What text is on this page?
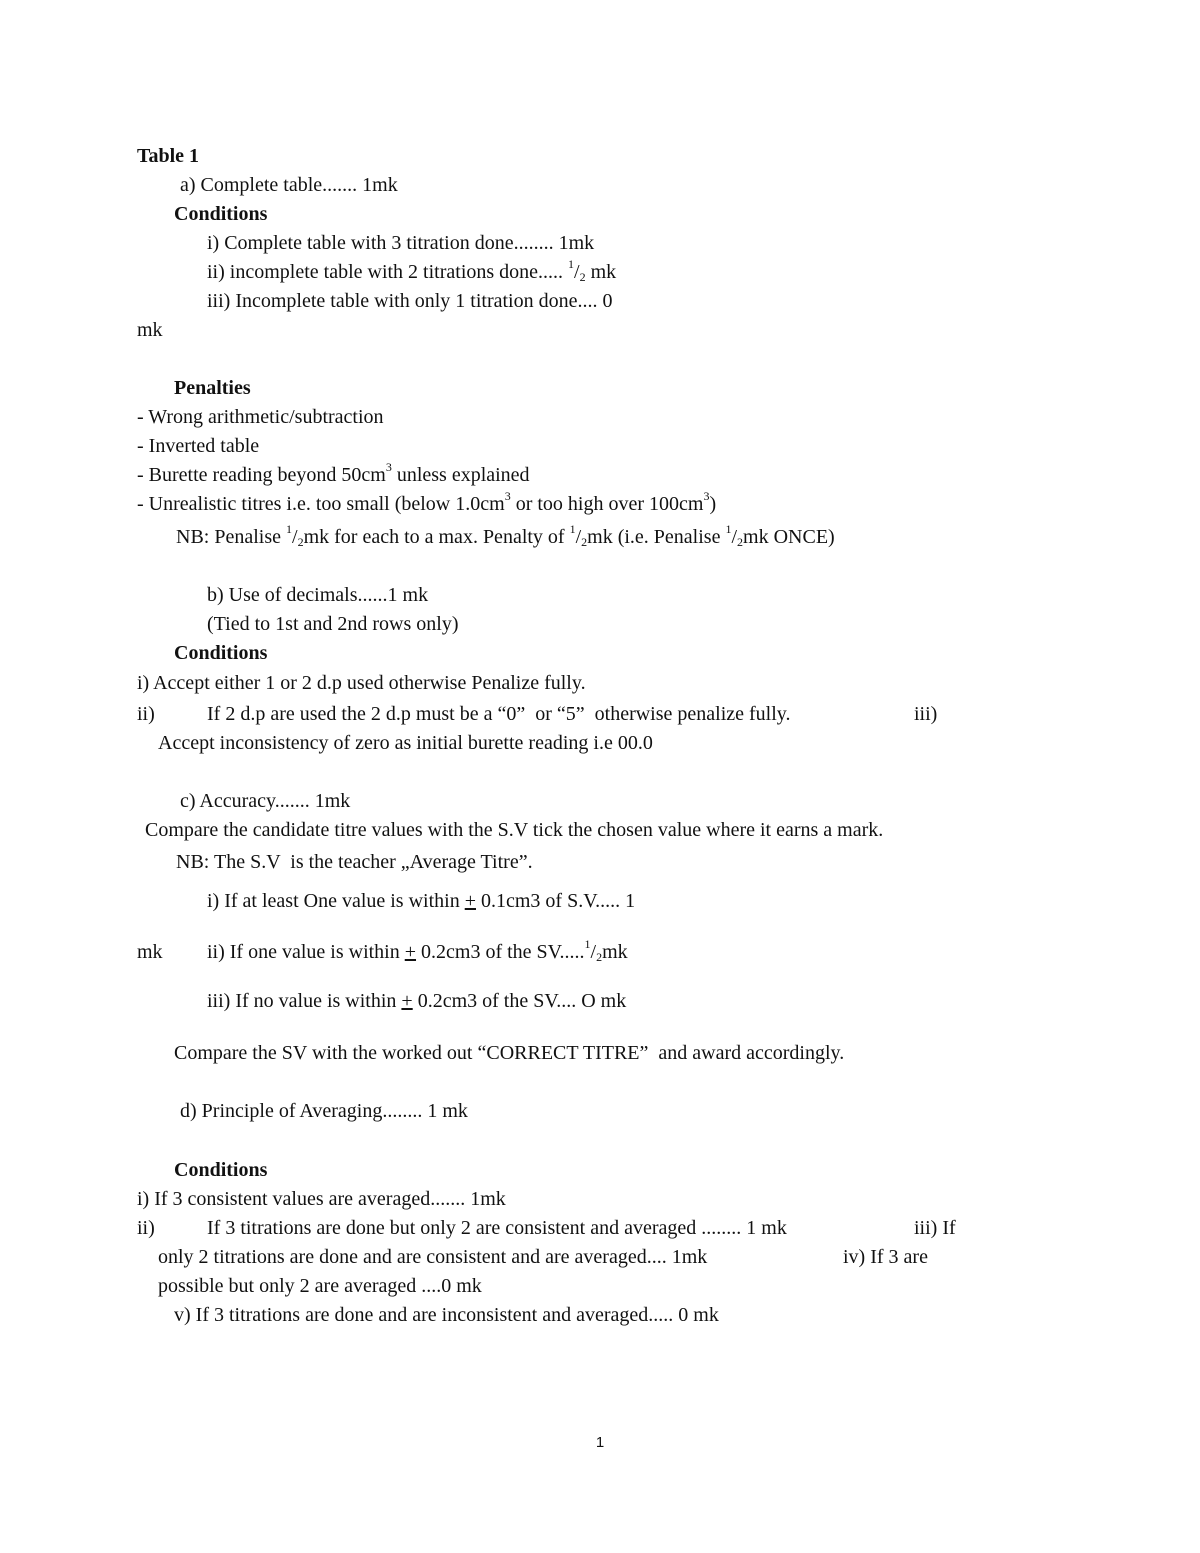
Table 1
a) Complete table....... 1mk
Conditions
i) Complete table with 3 titration done........ 1mk
ii) incomplete table with 2 titrations done..... $^1/_2$ mk
iii) Incomplete table with only 1 titration done.... 0
mk
Penalties
- Wrong arithmetic/subtraction
- Inverted table
- Burette reading beyond $50cm^3$ unless explained
- Unrealistic titres i.e. too small (below $1.0cm^3$ or too high over $100cm^3$)
NB: Penalise $^1/_2mk$ for each to a max. Penalty of $^1/_2mk$ (i.e. Penalise $^1/_2mk$ ONCE)
b) Use of decimals......1 mk
(Tied to 1st and 2nd rows only)
Conditions
i) Accept either 1 or 2 d.p used otherwise Penalize fully.
ii)	If 2 d.p are used the 2 d.p must be a “0”  or “5”  otherwise penalize fully.	iii)
Accept inconsistency of zero as initial burette reading i.e 00.0
c) Accuracy....... 1mk
Compare the candidate titre values with the S.V tick the chosen value where it earns a mark.
NB: The S.V  is the teacher „Average Titre”.
i) If at least One value is within + 0.1cm3 of S.V..... 1
mk ii) If one value is within + 0.2cm3 of the $SV.....^1/_2mk$
iii) If no value is within + 0.2cm3 of the SV.... O mk
Compare the SV with the worked out “CORRECT TITRE”  and award accordingly.
d) Principle of Averaging........ 1 mk
Conditions
i) If 3 consistent values are averaged....... 1mk
ii)	If 3 titrations are done but only 2 are consistent and averaged ........ 1 mk	iii) If
only 2 titrations are done and are consistent and are averaged.... 1mk	iv) If 3 are
possible but only 2 are averaged ....0 mk
v) If 3 titrations are done and are inconsistent and averaged..... 0 mk
1
